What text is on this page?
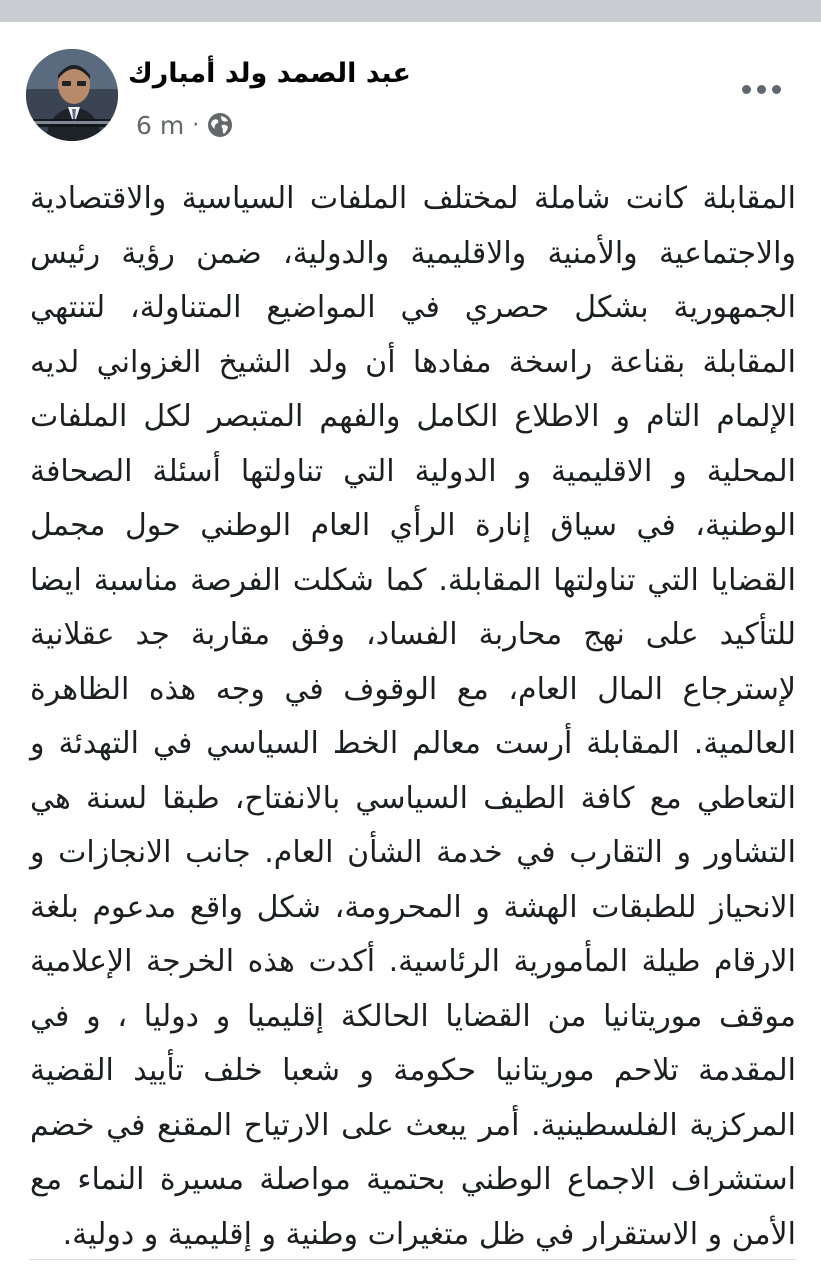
عبد الصمد ولد أمبارك
6 m ·
المقابلة كانت شاملة لمختلف الملفات السياسية والاقتصادية والاجتماعية والأمنية والاقليمية والدولية، ضمن رؤية رئيس الجمهورية بشكل حصري في المواضيع المتناولة، لتنتهي المقابلة بقناعة راسخة مفادها أن ولد الشيخ الغزواني لديه الإلمام التام و الاطلاع الكامل والفهم المتبصر لكل الملفات المحلية و الاقليمية و الدولية التي تناولتها أسئلة الصحافة الوطنية، في سياق إنارة الرأي العام الوطني حول مجمل القضايا التي تناولتها المقابلة. كما شكلت الفرصة مناسبة ايضا للتأكيد على نهج محاربة الفساد، وفق مقاربة جد عقلانية لإسترجاع المال العام، مع الوقوف في وجه هذه الظاهرة العالمية. المقابلة أرست معالم الخط السياسي في التهدئة و التعاطي مع كافة الطيف السياسي بالانفتاح، طبقا لسنة هي التشاور و التقارب في خدمة الشأن العام. جانب الانجازات و الانحياز للطبقات الهشة و المحرومة، شكل واقع مدعوم بلغة الارقام طيلة المأمورية الرئاسية. أكدت هذه الخرجة الإعلامية موقف موريتانيا من القضايا الحالكة إقليميا و دوليا ، و في المقدمة تلاحم موريتانيا حكومة و شعبا خلف تأييد القضية المركزية الفلسطينية. أمر يبعث على الارتياح المقنع في خضم استشراف الاجماع الوطني بحتمية مواصلة مسيرة النماء مع الأمن و الاستقرار في ظل متغيرات وطنية و إقليمية و دولية.
